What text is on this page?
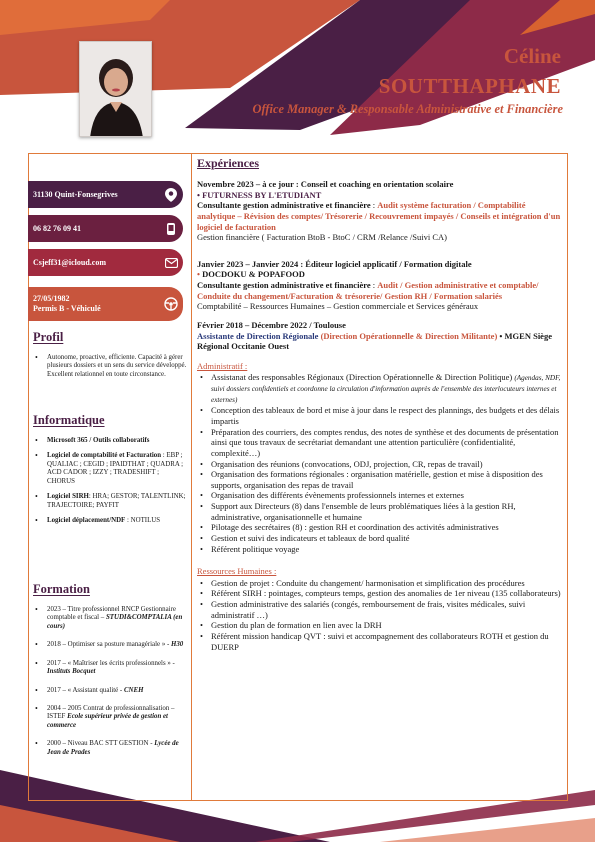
Céline
SOUTTHAPHANE
Office Manager & Responsable Administrative et Financière
31130 Quint-Fonsegrives
06 82 76 09 41
Csjeff31@icloud.com
27/05/1982
Permis B - Véhiculé
Profil
• Autonome, proactive, efficiente. Capacité à gérer plusieurs dossiers et un sens du service développé. Excellent relationnel en toute circonstance.
Informatique
• Microsoft 365 / Outils collaboratifs
• Logiciel de comptabilité et Facturation : EBP ; QUALIAC ; CEGID ; IPAIDTHAT ; QUADRA ; ACD CADOR ; IZZY ; TRADESHIFT ; CHORUS
• Logiciel SIRH: HRA; GESTOR; TALENTLINK; TRAJECTOIRE; PAYFIT
• Logiciel déplacement/NDF : NOTILUS
Formation
• 2023 – Titre professionnel RNCP Gestionnaire comptable et fiscal – STUDI&COMPTALIA (en cours)
• 2018 – Optimiser sa posture managériale » - H30
• 2017 – « Maîtriser les écrits professionnels » - Instituts Bocquet
• 2017 – « Assistant qualité - CNEH
• 2004 – 2005 Contrat de professionnalisation – ISTEF Ecole supérieur privée de gestion et commerce
• 2000 – Niveau BAC STT GESTION - Lycée de Jean de Prades
Expériences
Novembre 2023 – à ce jour : Conseil et coaching en orientation scolaire
• FUTURNESS BY L'ETUDIANT
Consultante gestion administrative et financière : Audit système facturation / Comptabilité analytique – Révision des comptes/ Trésorerie / Recouvrement impayés / Conseils et intégration d'un logiciel de facturation
Gestion financière ( Facturation BtoB - BtoC / CRM /Relance /Suivi CA)
Janvier 2023 – Janvier 2024 : Éditeur logiciel applicatif / Formation digitale
• DOCDOKU & POPAFOOD
Consultante gestion administrative et financière : Audit / Gestion administrative et comptable/ Conduite du changement/Facturation & trésorerie/ Gestion RH / Formation salariés
Comptabilité – Ressources Humaines – Gestion commerciale et Services généraux
Février 2018 – Décembre 2022 / Toulouse
Assistante de Direction Régionale (Direction Opérationnelle & Direction Militante) • MGEN Siège Régional Occitanie Ouest
Administratif :
• Assistanat des responsables Régionaux (Direction Opérationnelle & Direction Politique) (Agendas, NDF, suivi dossiers confidentiels et coordonne la circulation d'information auprès de l'ensemble des interlocuteurs internes et externes)
• Conception des tableaux de bord et mise à jour dans le respect des plannings, des budgets et des délais impartis
• Préparation des courriers, des comptes rendus, des notes de synthèse et des documents de présentation ainsi que tous travaux de secrétariat demandant une attention particulière (confidentialité, complexité…)
• Organisation des réunions (convocations, ODJ, projection, CR, repas de travail)
• Organisation des formations régionales : organisation matérielle, gestion et mise à disposition des supports, organisation des repas de travail
• Organisation des différents évènements professionnels internes et externes
• Support aux Directeurs (8) dans l'ensemble de leurs problématiques liées à la gestion RH, administrative, organisationnelle et humaine
• Pilotage des secrétaires (8) : gestion RH et coordination des activités administratives
• Gestion et suivi des indicateurs et tableaux de bord qualité
• Référent politique voyage
Ressources Humaines :
• Gestion de projet : Conduite du changement/ harmonisation et simplification des procédures
• Référent SIRH : pointages, compteurs temps, gestion des anomalies de 1er niveau (135 collaborateurs)
• Gestion administrative des salariés (congés, remboursement de frais, visites médicales, suivi administratif …)
• Gestion du plan de formation en lien avec la DRH
• Référent mission handicap QVT : suivi et accompagnement des collaborateurs ROTH et gestion du DUERP
